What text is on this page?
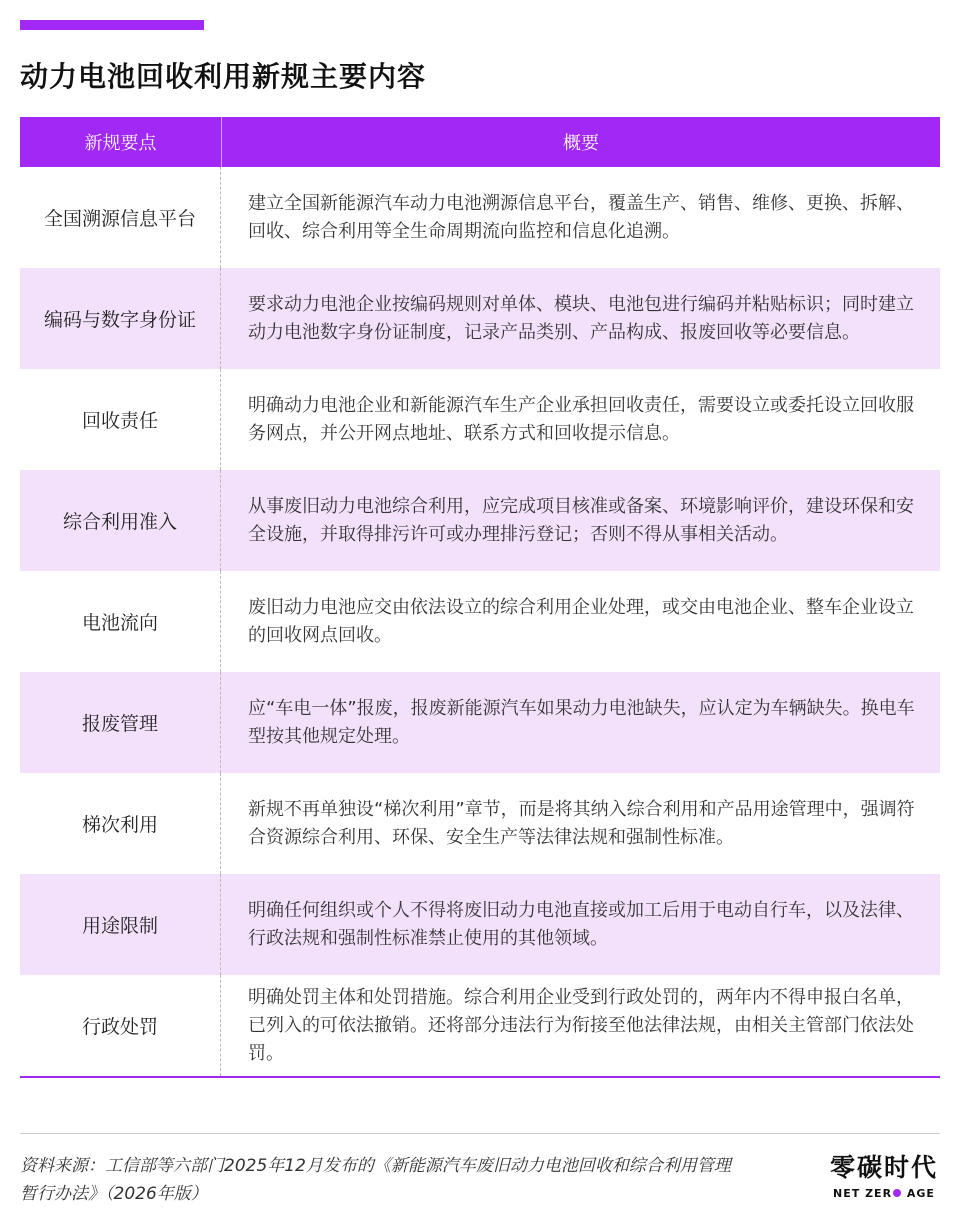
动力电池回收利用新规主要内容
新规要点	概要
全国溯源信息平台
建立全国新能源汽车动力电池溯源信息平台，覆盖生产、销售、维修、更换、拆解、回收、综合利用等全生命周期流向监控和信息化追溯。
编码与数字身份证
要求动力电池企业按编码规则对单体、模块、电池包进行编码并粘贴标识；同时建立动力电池数字身份证制度，记录产品类别、产品构成、报废回收等必要信息。
回收责任
明确动力电池企业和新能源汽车生产企业承担回收责任，需要设立或委托设立回收服务网点，并公开网点地址、联系方式和回收提示信息。
综合利用准入
从事废旧动力电池综合利用，应完成项目核准或备案、环境影响评价，建设环保和安全设施，并取得排污许可或办理排污登记；否则不得从事相关活动。
电池流向
废旧动力电池应交由依法设立的综合利用企业处理，或交由电池企业、整车企业设立的回收网点回收。
报废管理
应“车电一体”报废，报废新能源汽车如果动力电池缺失，应认定为车辆缺失。换电车型按其他规定处理。
梯次利用
新规不再单独设“梯次利用”章节，而是将其纳入综合利用和产品用途管理中，强调符合资源综合利用、环保、安全生产等法律法规和强制性标准。
用途限制
明确任何组织或个人不得将废旧动力电池直接或加工后用于电动自行车，以及法律、行政法规和强制性标准禁止使用的其他领域。
行政处罚
明确处罚主体和处罚措施。综合利用企业受到行政处罚的，两年内不得申报白名单，已列入的可依法撤销。还将部分违法行为衔接至他法律法规，由相关主管部门依法处罚。
资料来源：工信部等六部门2025年12月发布的《新能源汽车废旧动力电池回收和综合利用管理暂行办法》（2026年版）
零碳时代
NET ZER AGE
